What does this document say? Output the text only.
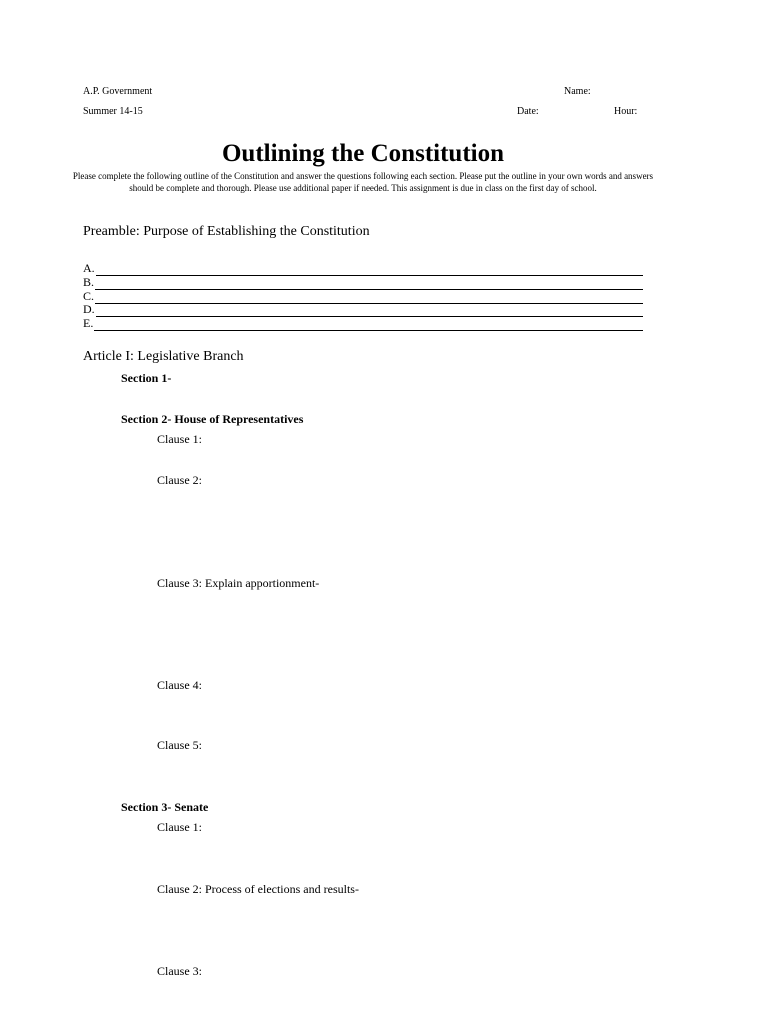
A.P. Government
Summer 14-15
Name:
Date:	Hour:
Outlining the Constitution
Please complete the following outline of the Constitution and answer the questions following each section. Please put the outline in your own words and answers should be complete and thorough. Please use additional paper if needed. This assignment is due in class on the first day of school.
Preamble: Purpose of Establishing the Constitution
A.
B.
C.
D.
E.
Article I: Legislative Branch
Section 1-
Section 2- House of Representatives
Clause 1:
Clause 2:
Clause 3: Explain apportionment-
Clause 4:
Clause 5:
Section 3- Senate
Clause 1:
Clause 2: Process of elections and results-
Clause 3:
